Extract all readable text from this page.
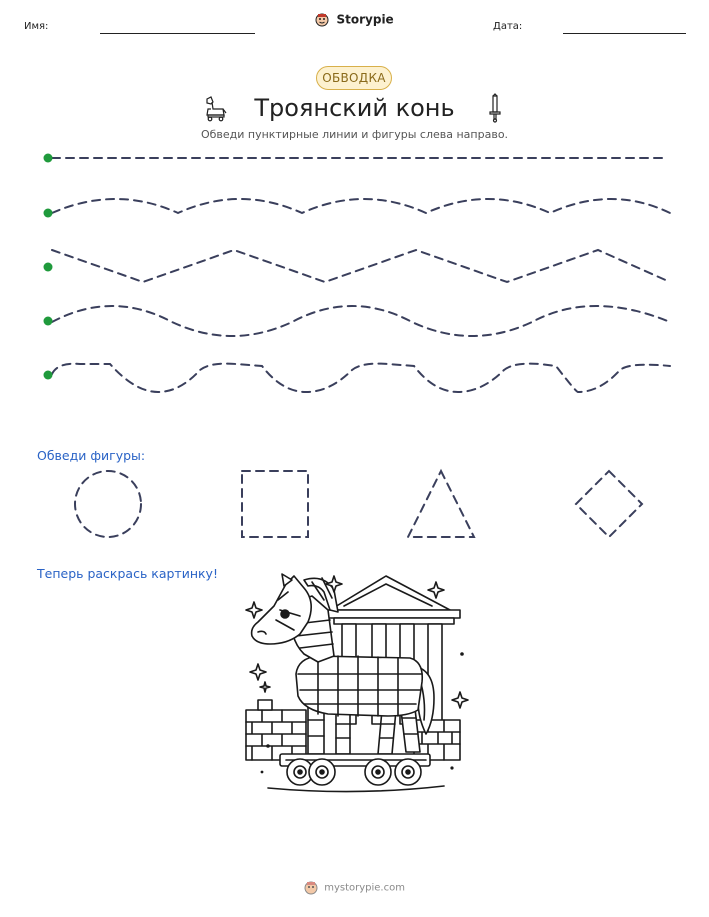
Имя:	Storypie	Дата:
ОБВОДКА
Троянский конь
Обведи пунктирные линии и фигуры слева направо.
Обведи фигуры:
Теперь раскрась картинку!
mystorypie.com
